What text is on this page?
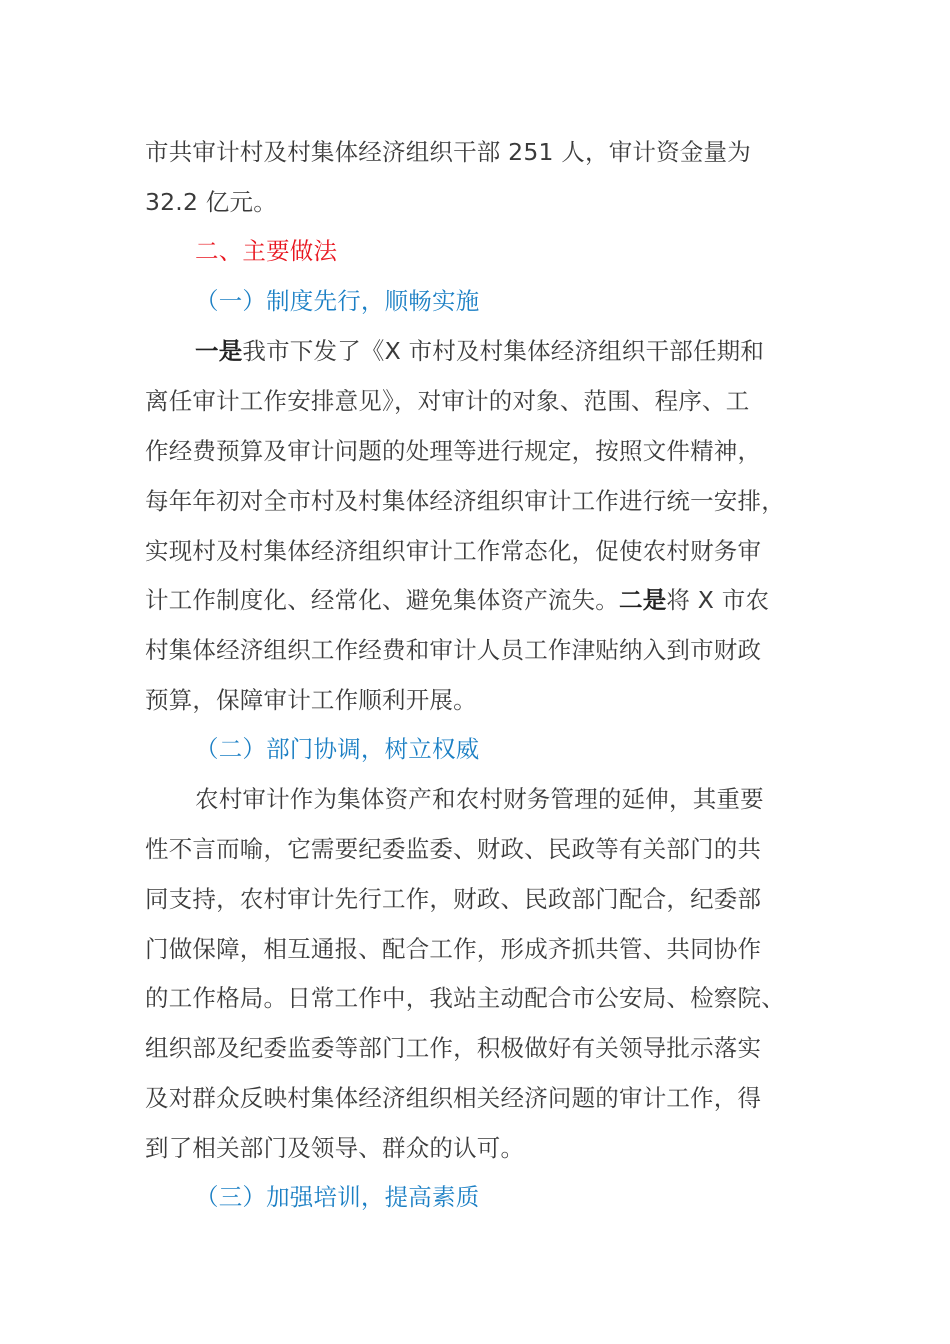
市共审计村及村集体经济组织干部 251 人，审计资金量为
32.2 亿元。
二、主要做法
（一）制度先行，顺畅实施
一是我市下发了《X 市村及村集体经济组织干部任期和
离任审计工作安排意见》，对审计的对象、范围、程序、工
作经费预算及审计问题的处理等进行规定，按照文件精神，
每年年初对全市村及村集体经济组织审计工作进行统一安排，
实现村及村集体经济组织审计工作常态化，促使农村财务审
计工作制度化、经常化、避免集体资产流失。二是将 X 市农
村集体经济组织工作经费和审计人员工作津贴纳入到市财政
预算，保障审计工作顺利开展。
（二）部门协调，树立权威
农村审计作为集体资产和农村财务管理的延伸，其重要
性不言而喻，它需要纪委监委、财政、民政等有关部门的共
同支持，农村审计先行工作，财政、民政部门配合，纪委部
门做保障，相互通报、配合工作，形成齐抓共管、共同协作
的工作格局。日常工作中，我站主动配合市公安局、检察院、
组织部及纪委监委等部门工作，积极做好有关领导批示落实
及对群众反映村集体经济组织相关经济问题的审计工作，得
到了相关部门及领导、群众的认可。
（三）加强培训，提高素质
